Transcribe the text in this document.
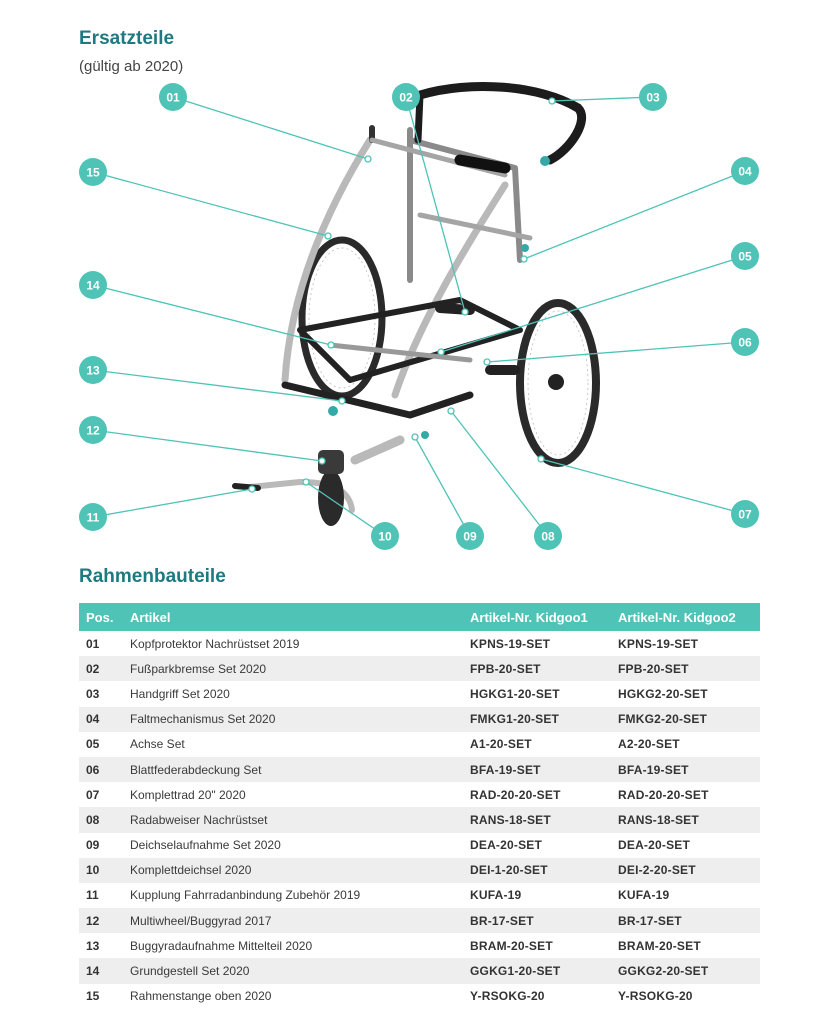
Ersatzteile

(gültig ab 2020)

01	02	03
04
05
06
07
08
09
10
11
12
13
14
15
Rahmenbauteile
Pos.	Artikel	Artikel-Nr. Kidgoo1	Artikel-Nr. Kidgoo2
01	Kopfprotektor Nachrüstset 2019	KPNS-19-SET	KPNS-19-SET
02	Fußparkbremse Set 2020	FPB-20-SET	FPB-20-SET
03	Handgriff Set 2020	HGKG1-20-SET	HGKG2-20-SET
04	Faltmechanismus Set 2020	FMKG1-20-SET	FMKG2-20-SET
05	Achse Set	A1-20-SET	A2-20-SET
06	Blattfederabdeckung Set	BFA-19-SET	BFA-19-SET
07	Komplettrad 20" 2020	RAD-20-20-SET	RAD-20-20-SET
08	Radabweiser Nachrüstset	RANS-18-SET	RANS-18-SET
09	Deichselaufnahme Set 2020	DEA-20-SET	DEA-20-SET
10	Komplettdeichsel 2020	DEI-1-20-SET	DEI-2-20-SET
11	Kupplung Fahrradanbindung Zubehör 2019	KUFA-19	KUFA-19
12	Multiwheel/Buggyrad 2017	BR-17-SET	BR-17-SET
13	Buggyradaufnahme Mittelteil 2020	BRAM-20-SET	BRAM-20-SET
14	Grundgestell Set 2020	GGKG1-20-SET	GGKG2-20-SET
15	Rahmenstange oben 2020	Y-RSOKG-20	Y-RSOKG-20
